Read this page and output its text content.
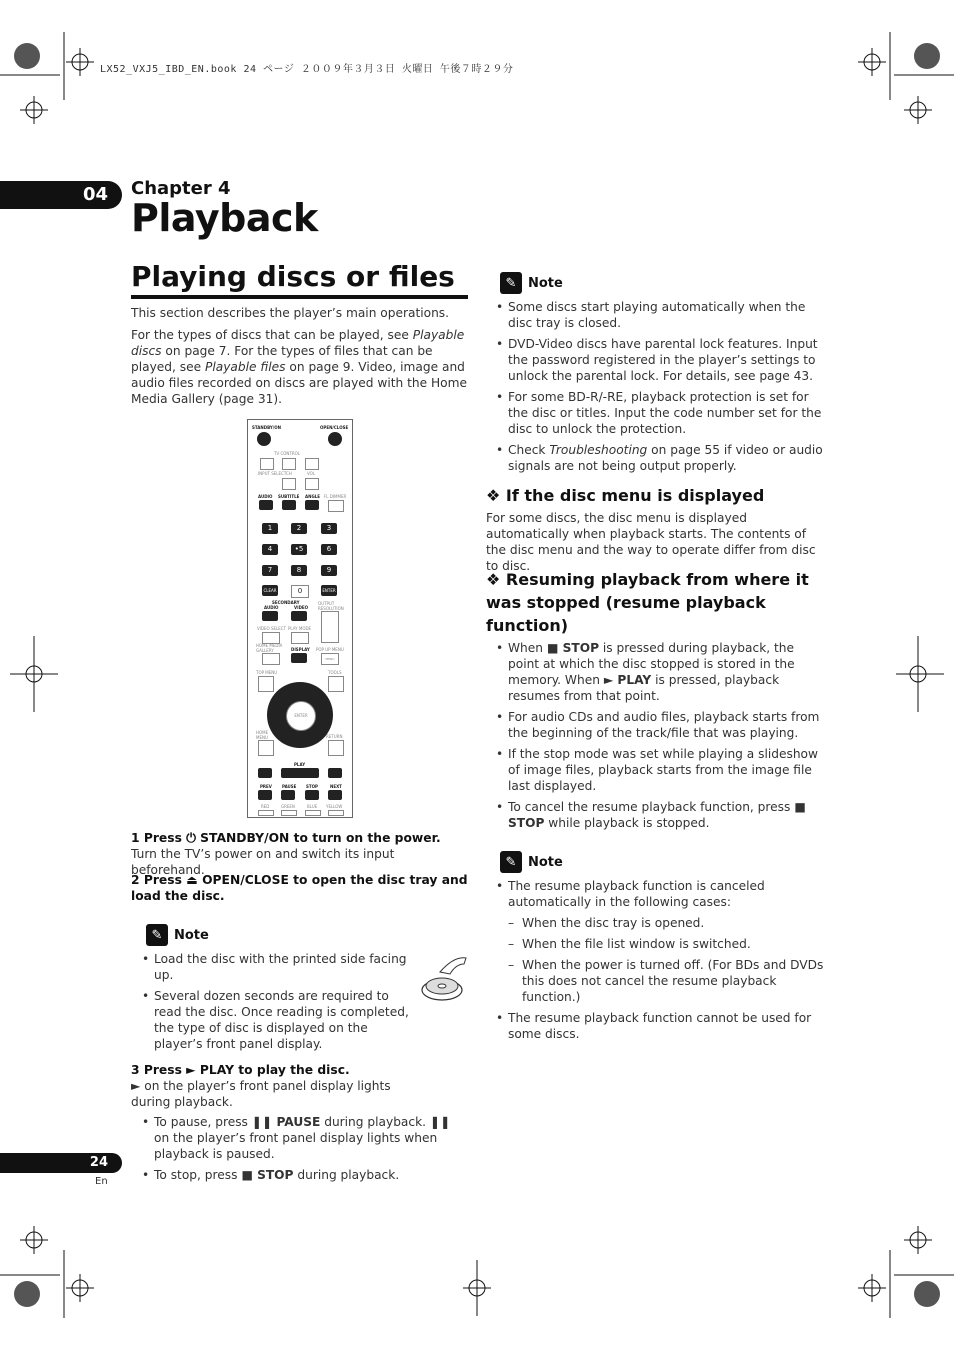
LX52_VXJ5_IBD_EN.book 24 ページ ２００９年３月３日 火曜日 午後７時２９分
04	Chapter 4
Playback
Playing discs or files
This section describes the player’s main operations.
For the types of discs that can be played, see Playable discs on page 7. For the types of files that can be played, see Playable files on page 9. Video, image and audio files recorded on discs are played with the Home Media Gallery (page 31).
STANDBY/ON	OPEN/CLOSE
TV CONTROL
INPUT SELECT CH	VOL
AUDIO SUBTITLE ANGLE FL DIMMER
1	2	3
4	•5	6
7	8	9
CLEAR	0	ENTER
SECONDARY
AUDIO	VIDEO
OUTPUT RESOLUTION
VIDEO SELECT PLAY MODE
HOME MEDIA GALLERY	DISPLAY POP UP MENU
MENU
TOP MENU	TOOLS
ENTER
HOME MENU	RETURN
PLAY
PREV	PAUSE STOP	NEXT
RED	GREEN	BLUE YELLOW
1 Press ⏻ STANDBY/ON to turn on the power.
Turn the TV’s power on and switch its input beforehand.
2 Press ⏏ OPEN/CLOSE to open the disc tray and load the disc.
✎ Note
• Load the disc with the printed side facing up.
• Several dozen seconds are required to read the disc. Once reading is completed, the type of disc is displayed on the player’s front panel display.
3 Press ► PLAY to play the disc.
► on the player’s front panel display lights during playback.
• To pause, press ❚❚ PAUSE during playback. ❚❚ on the player’s front panel display lights when playback is paused.
• To stop, press ■ STOP during playback.
✎ Note
• Some discs start playing automatically when the disc tray is closed.
• DVD-Video discs have parental lock features. Input the password registered in the player’s settings to unlock the parental lock. For details, see page 43.
• For some BD-R/-RE, playback protection is set for the disc or titles. Input the code number set for the disc to unlock the protection.
• Check Troubleshooting on page 55 if video or audio signals are not being output properly.
❖ If the disc menu is displayed
For some discs, the disc menu is displayed automatically when playback starts. The contents of the disc menu and the way to operate differ from disc to disc.
❖ Resuming playback from where it was stopped (resume playback function)
• When ■ STOP is pressed during playback, the point at which the disc stopped is stored in the memory. When ► PLAY is pressed, playback resumes from that point.
• For audio CDs and audio files, playback starts from the beginning of the track/file that was playing.
• If the stop mode was set while playing a slideshow of image files, playback starts from the image file last displayed.
• To cancel the resume playback function, press ■ STOP while playback is stopped.
✎ Note
• The resume playback function is canceled automatically in the following cases:
– When the disc tray is opened.
– When the file list window is switched.
– When the power is turned off. (For BDs and DVDs this does not cancel the resume playback function.)
• The resume playback function cannot be used for some discs.
24
En
